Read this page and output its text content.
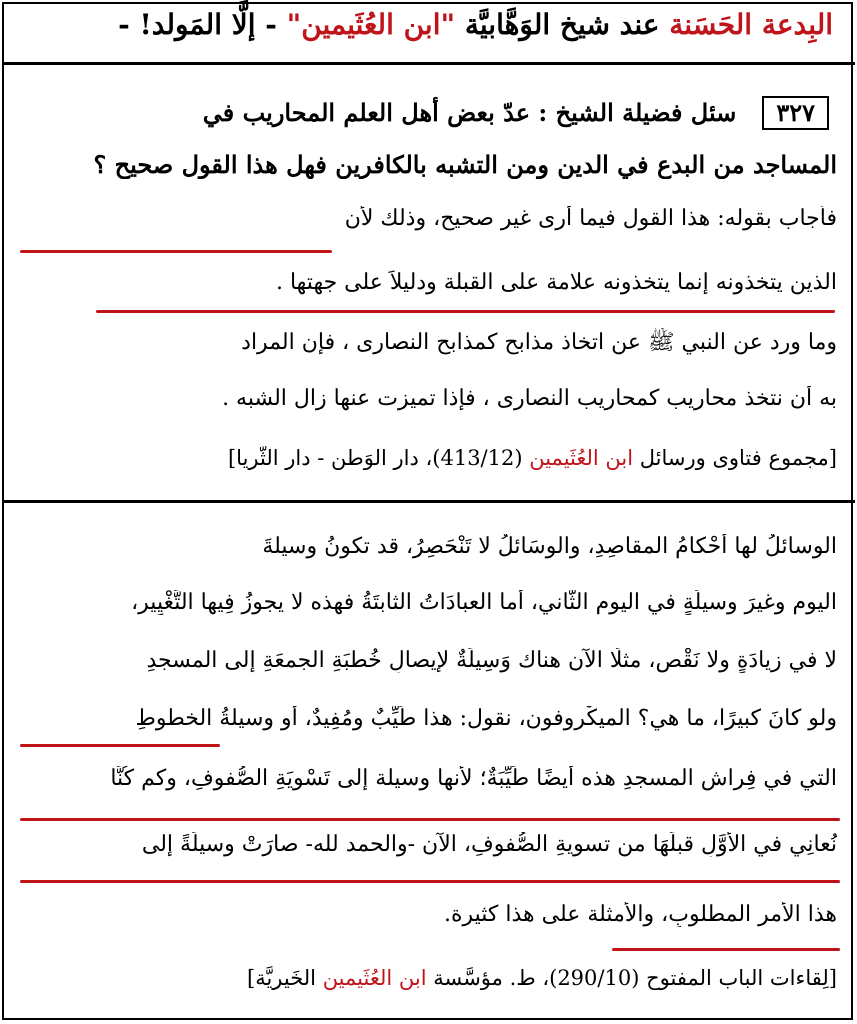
البِدعة الحَسَنة عند شيخ الوَهَّابيَّة "ابن العُثَيمين" - إلَّا المَولد! -
٣٢٧سئل فضيلة الشيخ : عدّ بعض أهل العلم المحاريب في
المساجد من البدع في الدين ومن التشبه بالكافرين فهل هذا القول صحيح ؟
فأجاب بقوله: هذا القول فيما أرى غير صحيح، وذلك لأن
الذين يتخذونه إنما يتخذونه علامة على القبلة ودليلاً على جهتها .
وما ورد عن النبي ﷺ عن اتخاذ مذابح كمذابح النصارى ، فإن المراد
به أن نتخذ محاريب كمحاريب النصارى ، فإذا تميزت عنها زال الشبه .
[مجموع فتاوى ورسائل ابن العُثَيمين (413/12)، دار الوَطن - دار الثُّريا]
الوسائلُ لها أحْكامُ المقاصِدِ، والوسَائلُ لا تَنْحَصِرُ، قد تكونُ وسيلةَ
اليوم وغيرَ وسيلَةٍ في اليومِ الثَّاني، أما العبادَاتُ الثابتَةُ فهذه لا يجوزُ فِيها التَّغْيِير،
لا في زيادَةٍ ولا نَقْصٍ، مثلًا الآن هناك وَسِيلَةٌ لإيصالِ خُطبَةِ الجمعَةِ إلى المسجدِ
ولو كانَ كبيرًا، ما هي؟ الميكْروفون، نقول: هذا طَيِّبٌ ومُفِيدٌ، أو وسيلةُ الخطوطِ
التي في فِراشِ المسجدِ هذه أيضًا طَيِّبَةٌ؛ لأنها وسيلة إلى تَسْوِيَةِ الصُّفوفِ، وكم كُنَّا
نُعانِي في الأوَّلِ قبلَهَا من تسويةِ الصُّفوفِ، الآن -والحمد لله- صارَتْ وسيلَةً إلى
هذا الأمرِ المطلوبِ، والأمثلة على هذا كثيرة.
[لِقاءات الباب المفتوح (290/10)، ط. مؤسَّسة ابن العُثَيمين الخَيريَّة]
